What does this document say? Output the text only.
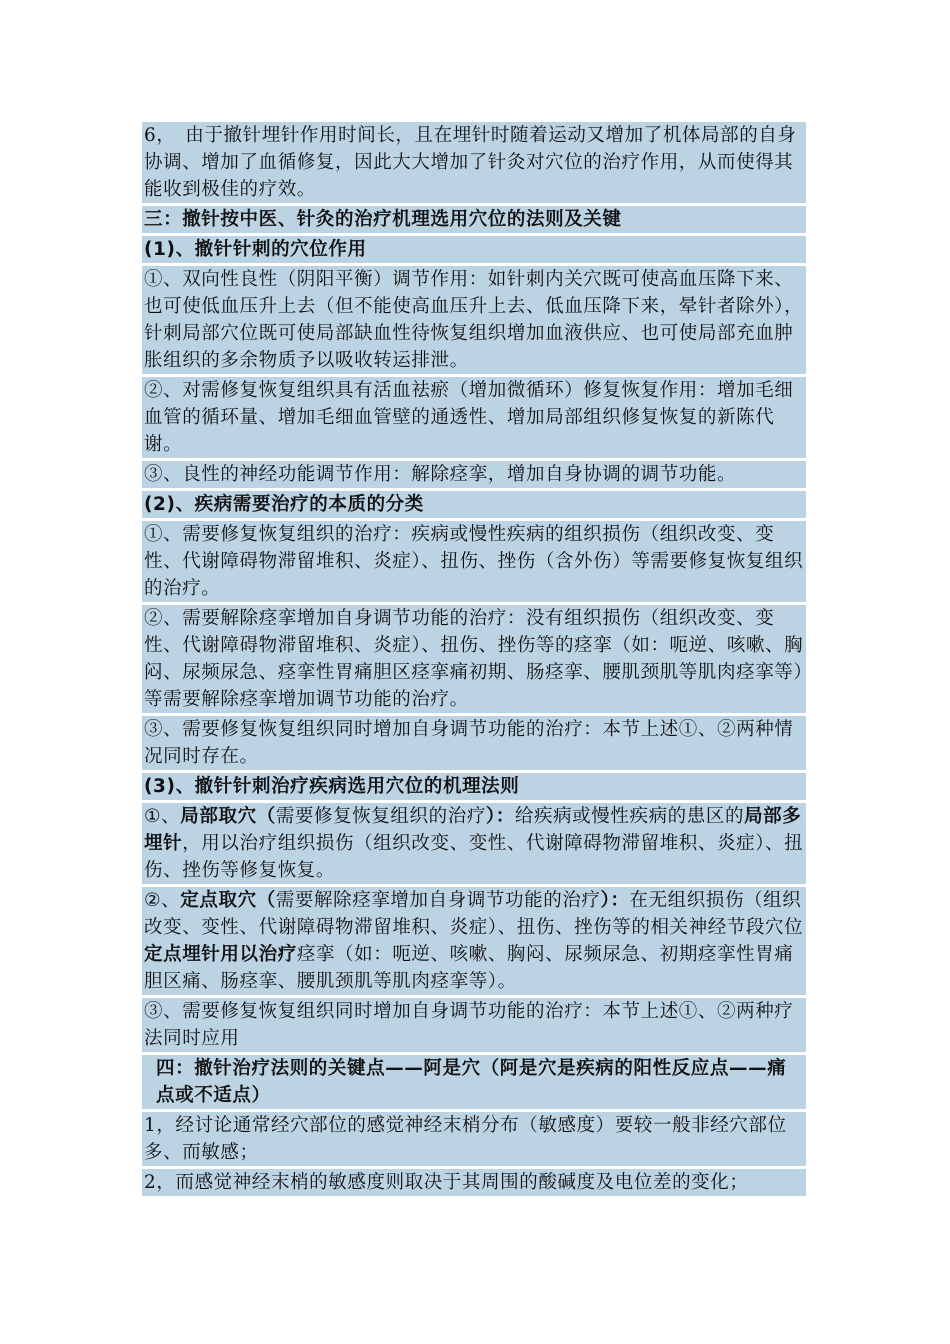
6，　由于撤针埋针作用时间长，且在埋针时随着运动又增加了机体局部的自身协调、增加了血循修复，因此大大增加了针灸对穴位的治疗作用，从而使得其能收到极佳的疗效。
三：撤针按中医、针灸的治疗机理选用穴位的法则及关键
(1)、撤针针刺的穴位作用
①、双向性良性（阴阳平衡）调节作用：如针刺内关穴既可使高血压降下来、也可使低血压升上去（但不能使高血压升上去、低血压降下来，晕针者除外），针刺局部穴位既可使局部缺血性待恢复组织增加血液供应、也可使局部充血肿胀组织的多余物质予以吸收转运排泄。
②、对需修复恢复组织具有活血祛瘀（增加微循环）修复恢复作用：增加毛细血管的循环量、增加毛细血管壁的通透性、增加局部组织修复恢复的新陈代谢。
③、良性的神经功能调节作用：解除痉挛，增加自身协调的调节功能。
(2)、疾病需要治疗的本质的分类
①、需要修复恢复组织的治疗：疾病或慢性疾病的组织损伤（组织改变、变性、代谢障碍物滞留堆积、炎症）、扭伤、挫伤（含外伤）等需要修复恢复组织的治疗。
②、需要解除痉挛增加自身调节功能的治疗：没有组织损伤（组织改变、变性、代谢障碍物滞留堆积、炎症）、扭伤、挫伤等的痉挛（如：呃逆、咳嗽、胸闷、尿频尿急、痉挛性胃痛胆区痉挛痛初期、肠痉挛、腰肌颈肌等肌肉痉挛等）等需要解除痉挛增加调节功能的治疗。
③、需要修复恢复组织同时增加自身调节功能的治疗：本节上述①、②两种情况同时存在。
(3)、撤针针刺治疗疾病选用穴位的机理法则
①、局部取穴（需要修复恢复组织的治疗）：给疾病或慢性疾病的患区的局部多埋针，用以治疗组织损伤（组织改变、变性、代谢障碍物滞留堆积、炎症）、扭伤、挫伤等修复恢复。
②、定点取穴（需要解除痉挛增加自身调节功能的治疗）：在无组织损伤（组织改变、变性、代谢障碍物滞留堆积、炎症）、扭伤、挫伤等的相关神经节段穴位定点埋针用以治疗痉挛（如：呃逆、咳嗽、胸闷、尿频尿急、初期痉挛性胃痛胆区痛、肠痉挛、腰肌颈肌等肌肉痉挛等）。
③、需要修复恢复组织同时增加自身调节功能的治疗：本节上述①、②两种疗法同时应用
四：撤针治疗法则的关键点——阿是穴（阿是穴是疾病的阳性反应点——痛点或不适点）
1，经讨论通常经穴部位的感觉神经末梢分布（敏感度）要较一般非经穴部位多、而敏感；
2，而感觉神经末梢的敏感度则取决于其周围的酸碱度及电位差的变化；
